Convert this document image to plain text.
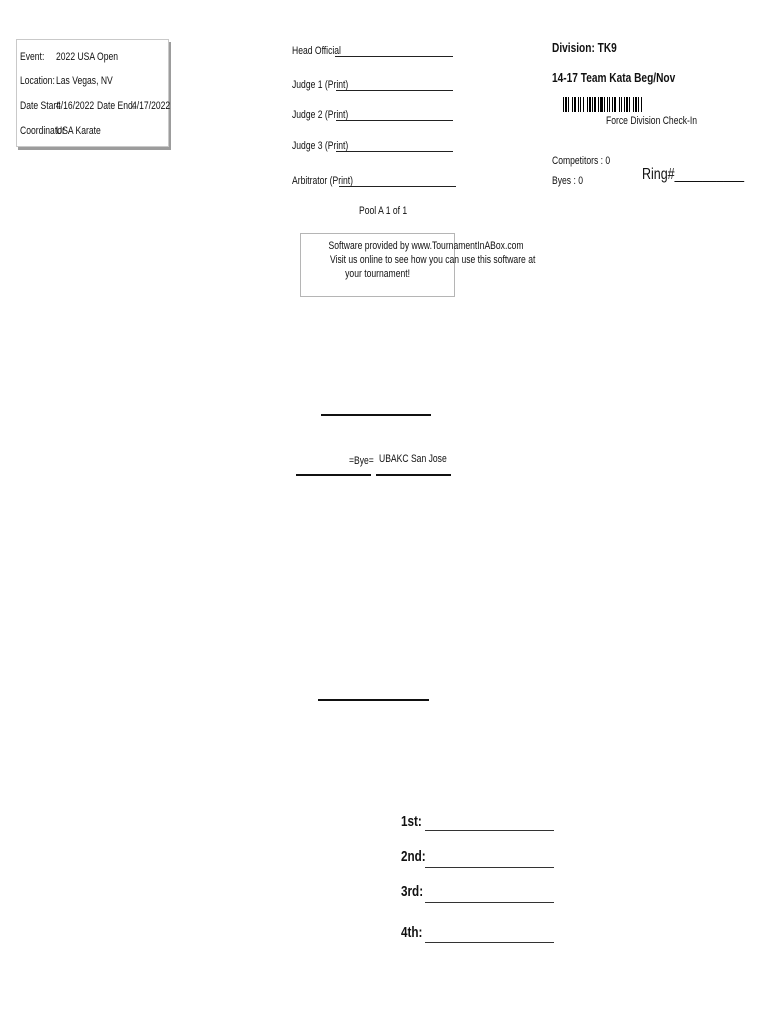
Event: 2022 USA Open
Location: Las Vegas, NV
Date Start:
4/16/2022 Date End:
4/17/2022
Coordinator
USA Karate
Head Official
Judge 1 (Print)
Judge 2 (Print)
Judge 3 (Print)
Arbitrator (Print)
Pool A 1 of 1
Software provided by www.TournamentInABox.com
Visit us online to see how you can use this software at
your tournament!
Division: TK9
14-17 Team Kata Beg/Nov
Force Division Check-In
Competitors : 0
Byes : 0	Ring#__________
=Bye= UBAKC San Jose
1st:
2nd:
3rd:
4th:
